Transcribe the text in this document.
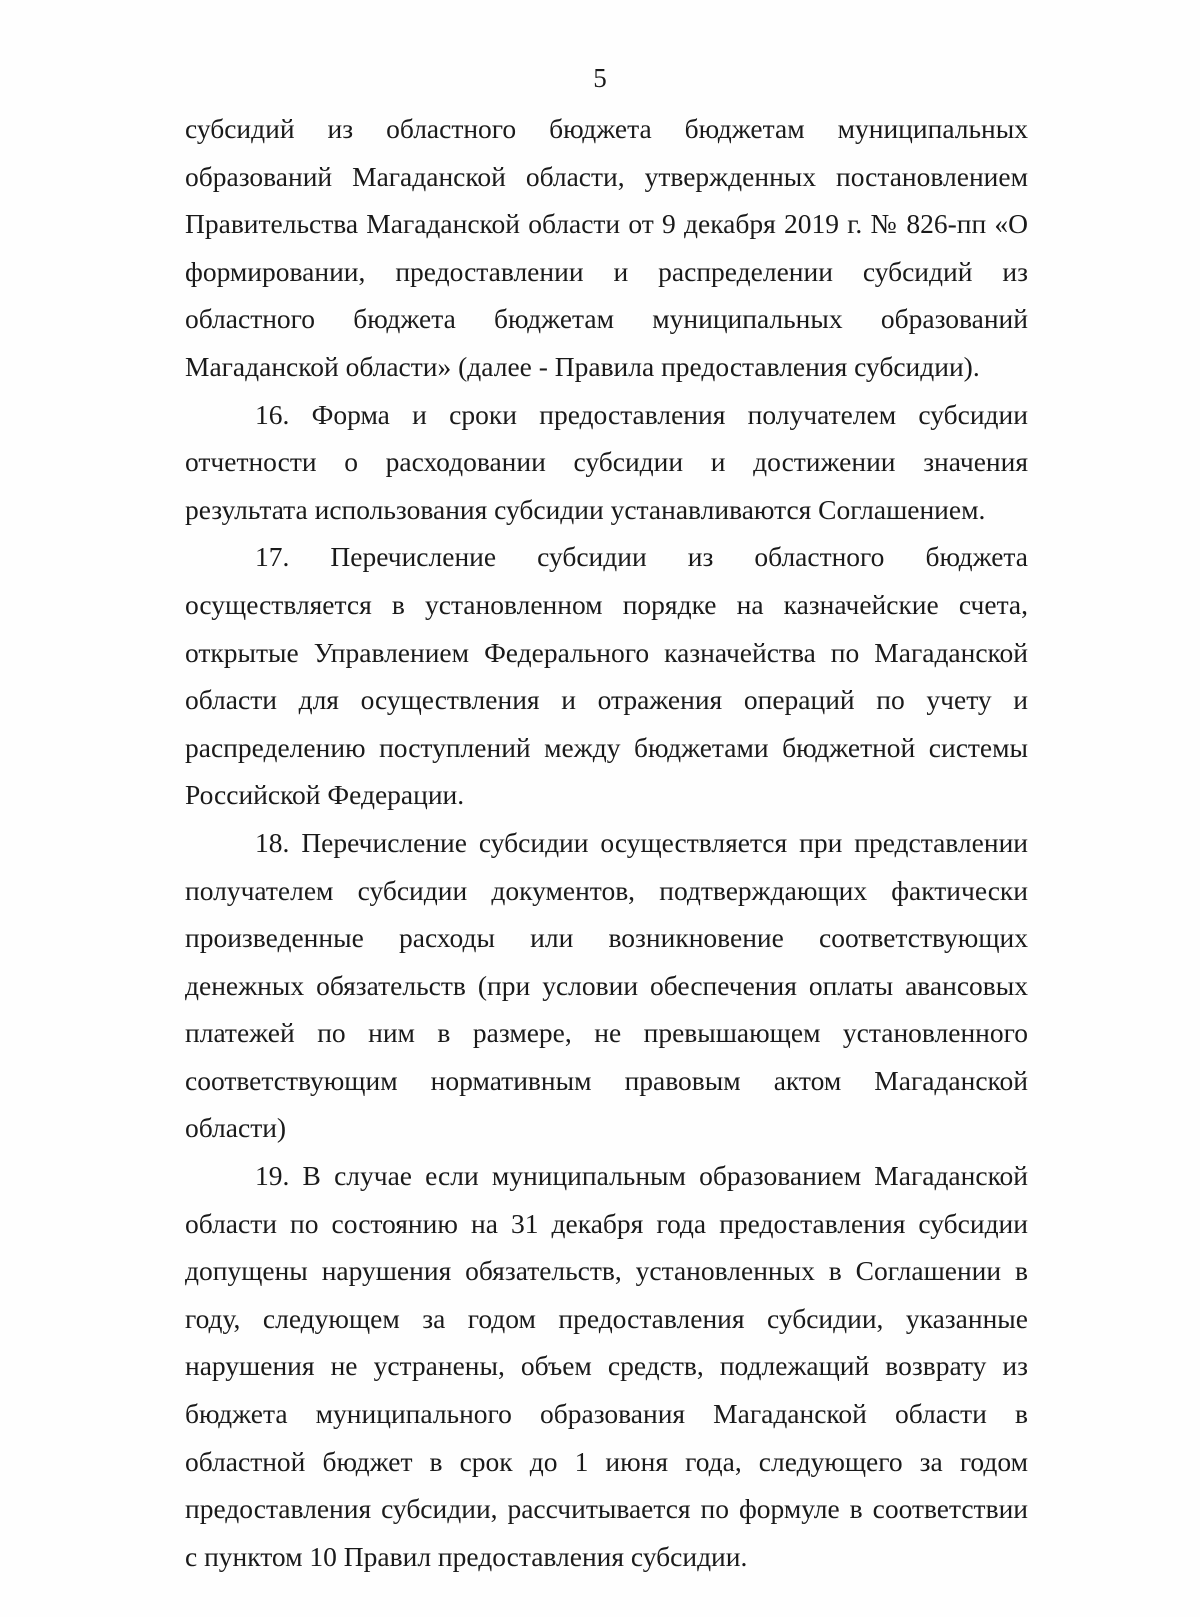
5

субсидий из областного бюджета бюджетам муниципальных образований Магаданской области, утвержденных постановлением Правительства Магаданской области от 9 декабря 2019 г. № 826-пп «О формировании, предоставлении и распределении субсидий из областного бюджета бюджетам муниципальных образований Магаданской области» (далее - Правила предоставления субсидии).

16. Форма и сроки предоставления получателем субсидии отчетности о расходовании субсидии и достижении значения результата использования субсидии устанавливаются Соглашением.

17. Перечисление субсидии из областного бюджета осуществляется в установленном порядке на казначейские счета, открытые Управлением Федерального казначейства по Магаданской области для осуществления и отражения операций по учету и распределению поступлений между бюджетами бюджетной системы Российской Федерации.

18. Перечисление субсидии осуществляется при представлении получателем субсидии документов, подтверждающих фактически произведенные расходы или возникновение соответствующих денежных обязательств (при условии обеспечения оплаты авансовых платежей по ним в размере, не превышающем установленного соответствующим нормативным правовым актом Магаданской области)

19. В случае если муниципальным образованием Магаданской области по состоянию на 31 декабря года предоставления субсидии допущены нарушения обязательств, установленных в Соглашении в году, следующем за годом предоставления субсидии, указанные нарушения не устранены, объем средств, подлежащий возврату из бюджета муниципального образования Магаданской области в областной бюджет в срок до 1 июня года, следующего за годом предоставления субсидии, рассчитывается по формуле в соответствии с пунктом 10 Правил предоставления субсидии.
